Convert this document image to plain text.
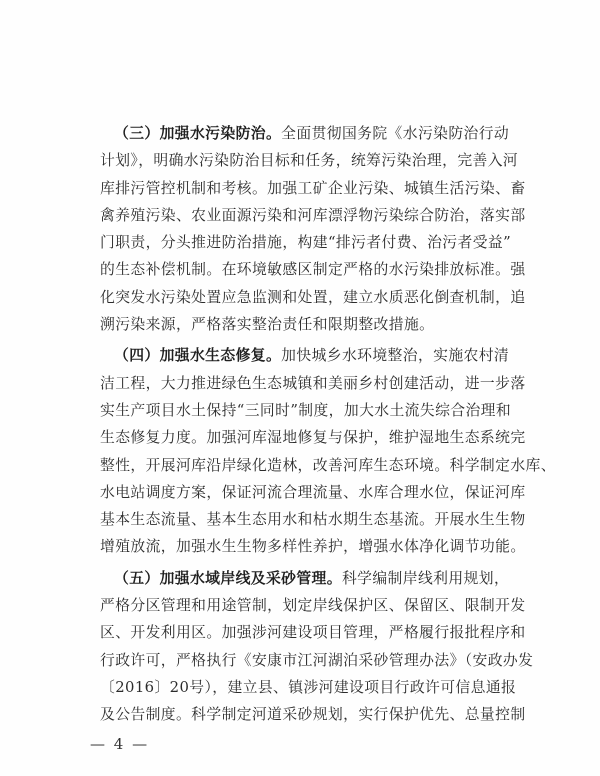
（三）加强水污染防治。全面贯彻国务院《水污染防治行动

计划》，明确水污染防治目标和任务，统筹污染治理，完善入河

库排污管控机制和考核。加强工矿企业污染、城镇生活污染、畜

禽养殖污染、农业面源污染和河库漂浮物污染综合防治，落实部

门职责，分头推进防治措施，构建“排污者付费、治污者受益”

的生态补偿机制。在环境敏感区制定严格的水污染排放标准。强

化突发水污染处置应急监测和处置，建立水质恶化倒查机制，追

溯污染来源，严格落实整治责任和限期整改措施。

（四）加强水生态修复。加快城乡水环境整治，实施农村清

洁工程，大力推进绿色生态城镇和美丽乡村创建活动，进一步落

实生产项目水土保持“三同时”制度，加大水土流失综合治理和

生态修复力度。加强河库湿地修复与保护，维护湿地生态系统完

整性，开展河库沿岸绿化造林，改善河库生态环境。科学制定水库、

水电站调度方案，保证河流合理流量、水库合理水位，保证河库

基本生态流量、基本生态用水和枯水期生态基流。开展水生生物

增殖放流，加强水生生物多样性养护，增强水体净化调节功能。

（五）加强水域岸线及采砂管理。科学编制岸线利用规划，

严格分区管理和用途管制，划定岸线保护区、保留区、限制开发

区、开发利用区。加强涉河建设项目管理，严格履行报批程序和

行政许可，严格执行《安康市江河湖泊采砂管理办法》（安政办发

〔2016〕20号），建立县、镇涉河建设项目行政许可信息通报

及公告制度。科学制定河道采砂规划，实行保护优先、总量控制

— 4 —
